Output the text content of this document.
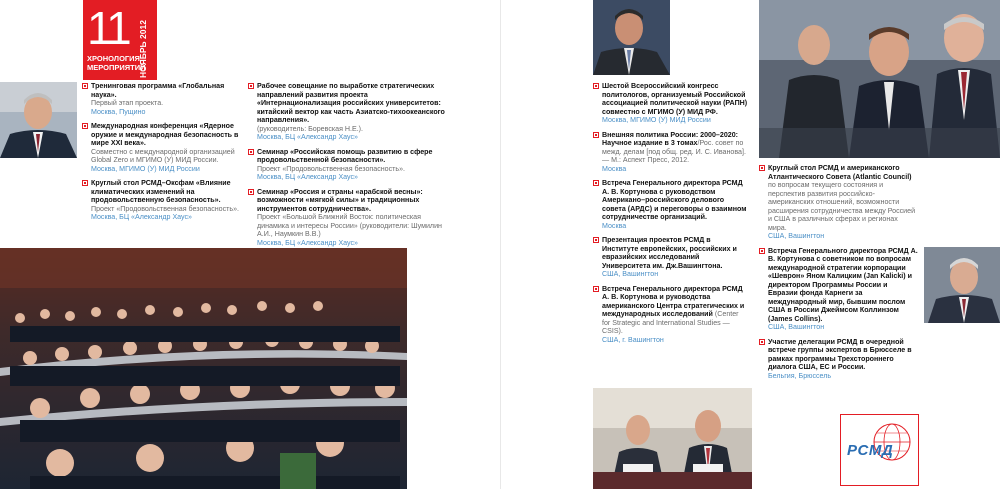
11
ХРОНОЛОГИЯ
МЕРОПРИЯТИЙ
НОЯБРЬ 2012

Тренинговая программа «Глобальная наука».

Первый этап проекта.

Москва, Пущино

Международная конференция «Ядерное оружие и международная безопасность в мире XXI века».

Совместно с международной организацией Global Zero и МГИМО (У) МИД России.

Москва, МГИМО (У) МИД России

Круглый стол РСМД–Оксфам «Влияние климатических изменений на продовольственную безопасность».

Проект «Продовольственная безопасность».

Москва, БЦ «Александр Хаус»

Рабочее совещание по выработке стратегических направлений развития проекта «Интернационализация российских университетов: китайский вектор как часть Азиатско-тихоокеанского направления».

(руководитель: Боревская Н.Е.).

Москва, БЦ «Александр Хаус»

Семинар «Российская помощь развитию в сфере продовольственной безопасности».

Проект «Продовольственная безопасность».

Москва, БЦ «Александр Хаус»

Семинар «Россия и страны «арабской весны»: возможности «мягкой силы» и традиционных инструментов сотрудничества».

Проект «Большой Ближний Восток: политическая динамика и интересы России» (руководители: Шумилин А.И., Наумкин В.В.)

Москва, БЦ «Александр Хаус»

Шестой Всероссийский конгресс политологов, организуемый Российской ассоциацией политической науки (РАПН) совместно с МГИМО (У) МИД РФ.

Москва, МГИМО (У) МИД России

Внешняя политика России: 2000–2020: Научное издание в 3 томах/Рос. совет по межд. делам [под общ. ред. И. С. Иванова]. — М.: Аспект Пресс, 2012.

Москва

Встреча Генерального директора РСМД А. В. Кортунова с руководством Американо–российского делового совета (АРДС) и переговоры о взаимном сотрудничестве организаций.

Москва

Презентация проектов РСМД в Институте европейских, российских и евразийских исследований Университета им. Дж.Вашингтона.

США, Вашингтон

Встреча Генерального директора РСМД А. В. Кортунова и руководства американского Центра стратегических и международных исследований (Center for Strategic and International Studies — CSIS).

США, г. Вашингтон

Круглый стол РСМД и американского Атлантического Совета (Atlantic Council) по вопросам текущего состояния и перспектив развития российско-американских отношений, возможности расширения сотрудничества между Россией и США в различных сферах и регионах мира.

США, Вашингтон

Встреча Генерального директора РСМД А. В. Кортунова с советником по вопросам международной стратегии корпорации «Шеврон» Яном Калицким (Jan Kalicki) и директором Программы России и Евразии фонда Карнеги за международный мир, бывшим послом США в России Джеймсом Коллинзом (James Collins).

США, Вашингтон

Участие делегации РСМД в очередной встрече группы экспертов в Брюсселе в рамках программы Трехстороннего диалога США, ЕС и России.

Бельгия, Брюссель

РСМД
